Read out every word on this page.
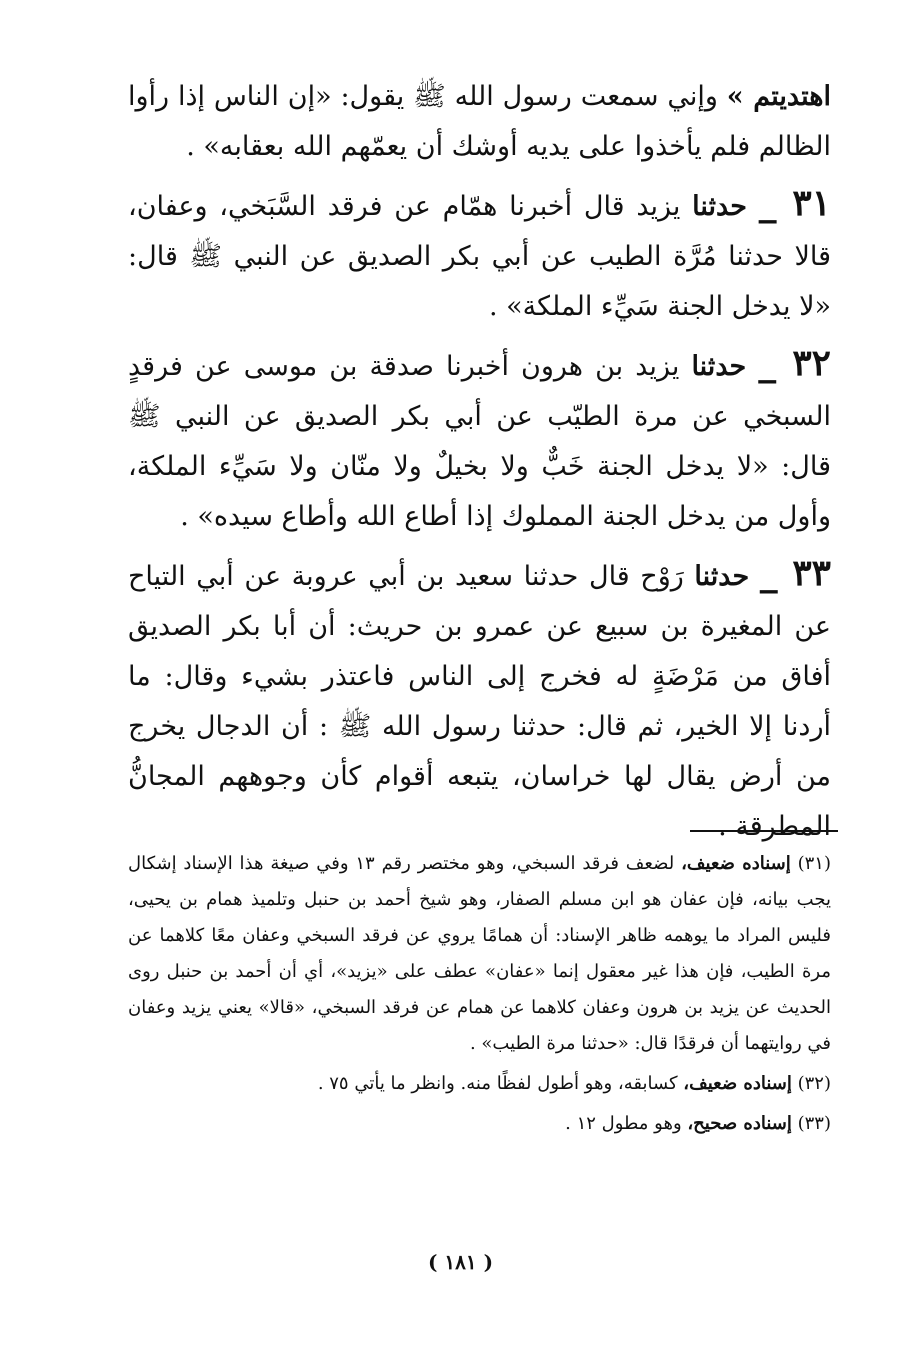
اهتديتم » وإني سمعت رسول الله ﷺ يقول: «إن الناس إذا رأوا الظالم فلم يأخذوا على يديه أوشك أن يعمّهم الله بعقابه» .

٣١ _ حدثنا يزيد قال أخبرنا همّام عن فرقد السَّبَخي، وعفان، قالا حدثنا مُرَّة الطيب عن أبي بكر الصديق عن النبي ﷺ قال: «لا يدخل الجنة سَيِّء الملكة» .

٣٢ _ حدثنا يزيد بن هرون أخبرنا صدقة بن موسى عن فرقدٍ السبخي عن مرة الطيّب عن أبي بكر الصديق عن النبي ﷺ قال: «لا يدخل الجنة خَبٌّ ولا بخيلٌ ولا منّان ولا سَيِّء الملكة، وأول من يدخل الجنة المملوك إذا أطاع الله وأطاع سيده» .

٣٣ _ حدثنا رَوْح قال حدثنا سعيد بن أبي عروبة عن أبي التياح عن المغيرة بن سبيع عن عمرو بن حريث: أن أبا بكر الصديق أفاق من مَرْضَةٍ له فخرج إلى الناس فاعتذر بشيء وقال: ما أردنا إلا الخير، ثم قال: حدثنا رسول الله ﷺ : أن الدجال يخرج من أرض يقال لها خراسان، يتبعه أقوام كأن وجوههم المجانُّ المطرقة .

(٣١) إسناده ضعيف، لضعف فرقد السبخي، وهو مختصر رقم ١٣ وفي صيغة هذا الإسناد إشكال يجب بيانه، فإن عفان هو ابن مسلم الصفار، وهو شيخ أحمد بن حنبل وتلميذ همام بن يحيى، فليس المراد ما يوهمه ظاهر الإسناد: أن همامًا يروي عن فرقد السبخي وعفان معًا كلاهما عن مرة الطيب، فإن هذا غير معقول إنما «عفان» عطف على «يزيد»، أي أن أحمد بن حنبل روى الحديث عن يزيد بن هرون وعفان كلاهما عن همام عن فرقد السبخي، «قالا» يعني يزيد وعفان في روايتهما أن فرقدًا قال: «حدثنا مرة الطيب» .

(٣٢) إسناده ضعيف، كسابقه، وهو أطول لفظًا منه. وانظر ما يأتي ٧٥ .

(٣٣) إسناده صحيح، وهو مطول ١٢ .

( ١٨١ )
